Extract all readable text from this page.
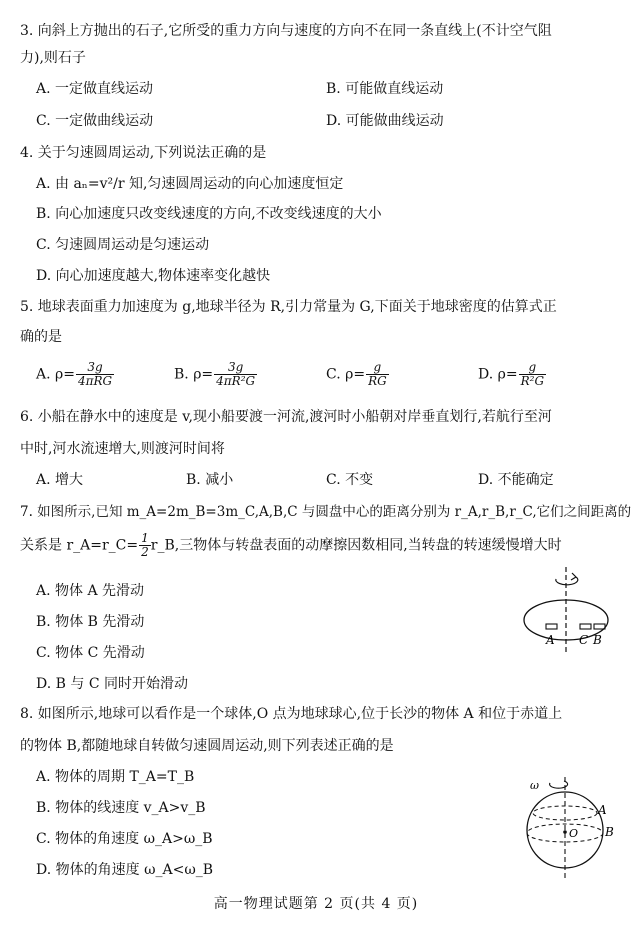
3. 向斜上方抛出的石子,它所受的重力方向与速度的方向不在同一条直线上(不计空气阻
力),则石子
A. 一定做直线运动	B. 可能做直线运动
C. 一定做曲线运动	D. 可能做曲线运动
4. 关于匀速圆周运动,下列说法正确的是
A. 由 aₙ=v²/r 知,匀速圆周运动的向心加速度恒定
B. 向心加速度只改变线速度的方向,不改变线速度的大小
C. 匀速圆周运动是匀速运动
D. 向心加速度越大,物体速率变化越快
5. 地球表面重力加速度为 g,地球半径为 R,引力常量为 G,下面关于地球密度的估算式正
确的是
A. $\rho= \frac{3g}{\text{4πRG}}$	B. $\rho= \frac{3g}{\text{4πR²G}}$	C. $\rho= \frac{g}{RG}$	D. $\rho= \frac{g}{\text{R²G}}$
6. 小船在静水中的速度是 v,现小船要渡一河流,渡河时小船朝对岸垂直划行,若航行至河
中时,河水流速增大,则渡河时间将
A. 增大	B. 减小	C. 不变	D. 不能确定
7. 如图所示,已知 m_A=2m_B=3m_C,A,B,C 与圆盘中心的距离分别为 r_A,r_B,r_C,它们之间距离的
关系是 r_A=r_C= $\frac{1}{2}$ r_B,三物体与转盘表面的动摩擦因数相同,当转盘的转速缓慢增大时
A. 物体 A 先滑动
B. 物体 B 先滑动
C. 物体 C 先滑动
D. B 与 C 同时开始滑动
A C B
8. 如图所示,地球可以看作是一个球体,O 点为地球球心,位于长沙的物体 A 和位于赤道上
的物体 B,都随地球自转做匀速圆周运动,则下列表述正确的是
A. 物体的周期 T_A=T_B
B. 物体的线速度 v_A>v_B
C. 物体的角速度 ω_A>ω_B
D. 物体的角速度 ω_A<ω_B
ω
O
A
B
高一物理试题第 2 页(共 4 页)
